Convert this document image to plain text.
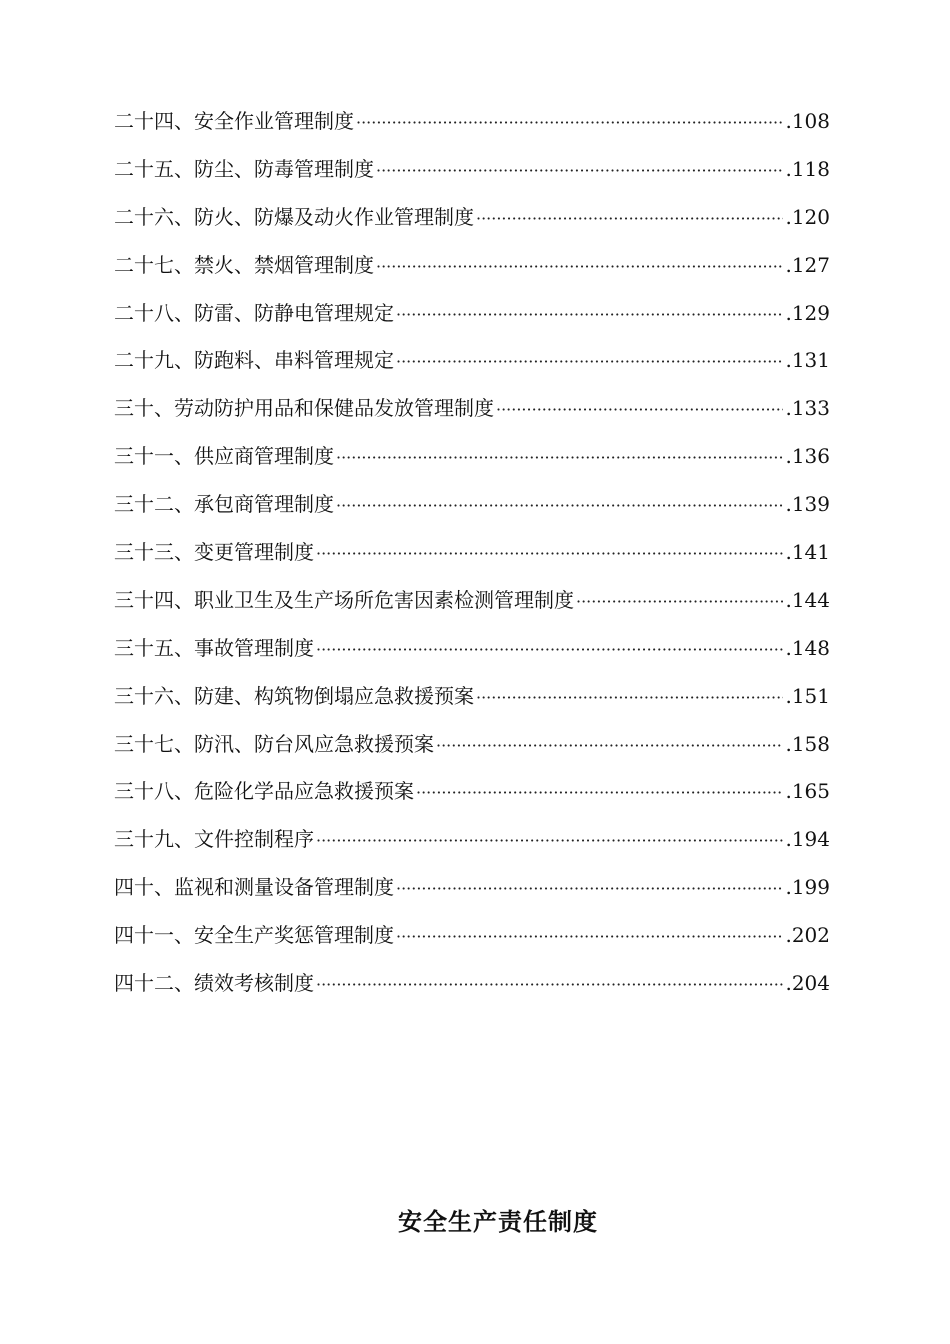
二十四、安全作业管理制度 ·····	.108
二十五、防尘、防毒管理制度 ·····	.118
二十六、防火、防爆及动火作业管理制度 ·····	.120
二十七、禁火、禁烟管理制度 ·····	.127
二十八、防雷、防静电管理规定 ·····	.129
二十九、防跑料、串料管理规定 ·····	.131
三十、劳动防护用品和保健品发放管理制度 ·····	.133
三十一、供应商管理制度 ·····	.136
三十二、承包商管理制度 ·····	.139
三十三、变更管理制度 ·····	.141
三十四、职业卫生及生产场所危害因素检测管理制度 ·····	.144
三十五、事故管理制度 ·····	.148
三十六、防建、构筑物倒塌应急救援预案 ·····	.151
三十七、防汛、防台风应急救援预案 ·····	.158
三十八、危险化学品应急救援预案 ·····	.165
三十九、文件控制程序 ·····	.194
四十、监视和测量设备管理制度 ·····	.199
四十一、安全生产奖惩管理制度 ·····	.202
四十二、绩效考核制度 ·····	.204
安全生产责任制度
